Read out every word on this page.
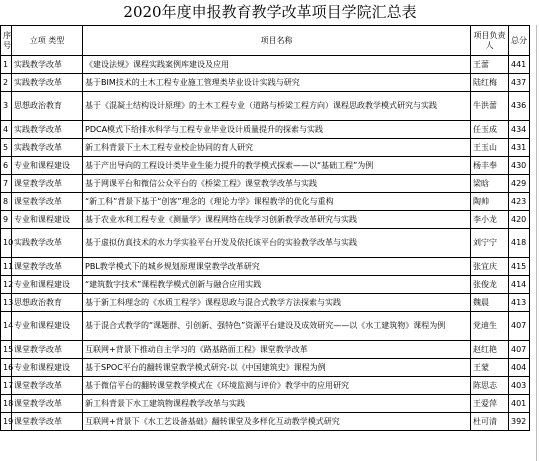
2020年度申报教育教学改革项目学院汇总表
序号	立项 类型	项目名称	项目负责人	总分
1	实践教学改革	《建设法规》课程实践案例库建设及应用	王蕾	441
2	实践教学改革	基于BIM技术的土木工程专业施工管理类毕业设计实践与研究	陆红梅	437
3	思想政治教育	基于《混凝土结构设计原理》的土木工程专业（道路与桥梁工程方向）课程思政教学模式研究与实践	牛洪蕾	436
4	实践教学改革	PDCA模式下给排水科学与工程专业毕业设计质量提升的探索与实践	任玉成	434
5	实践教学改革	新工科背景下土木工程专业校企协同的育人研究	王玉山	431
6	专业和课程建设	基于产出导向的工程设计类毕业生能力提升的教学模式探索——以“基础工程”为例	杨丰奉	430
7	课堂教学改革	基于网课平台和微信公众平台的《桥梁工程》课堂教学改革与实践	梁晗	429
8	课堂教学改革	“新工科”背景下基于“创客”理念的《理论力学》课程教学的优化与重构	陶帅	423
9	专业和课程建设	基于农业水利工程专业《测量学》课程网络在线学习创新教学改革研究与实践	李小龙	420
10	实践教学改革	基于虚拟仿真技术的水力学实验平台开发及依托该平台的实验教学改革与实践	刘宁宁	418
11	课堂教学改革	PBL教学模式下的城乡规划原理课堂教学改革研究	张宜庆	415
12	专业和课程建设	“建筑数字技术”课程教学模式创新与融合应用实践	张俊龙	414
13	思想政治教育	基于新工科理念的《水质工程学》课程思政与混合式教学方法探索与实践	魏晨	413
14	专业和课程建设	基于混合式教学的“课题群、引创新、强特色”资源平台建设及成效研究——以《水工建筑物》课程为例	党迪生	407
15	课堂教学改革	互联网+背景下推动自主学习的《路基路面工程》课堂教学改革	赵红艳	407
16	专业和课程建设	基于SPOC平台的翻转课堂教学模式研究-以《中国建筑史》课程为例	王蒙	404
17	课堂教学改革	基于微信平台的翻转课堂教学模式在《环境监测与评价》教学中的应用研究	陈思志	403
18	课堂教学改革	新工科背景下水工建筑物课程教学改革与实践	王爱萍	401
19	课堂教学改革	互联网+背景下《水工艺设备基础》翻转课堂及多样化互动教学模式研究	杜可清	392
